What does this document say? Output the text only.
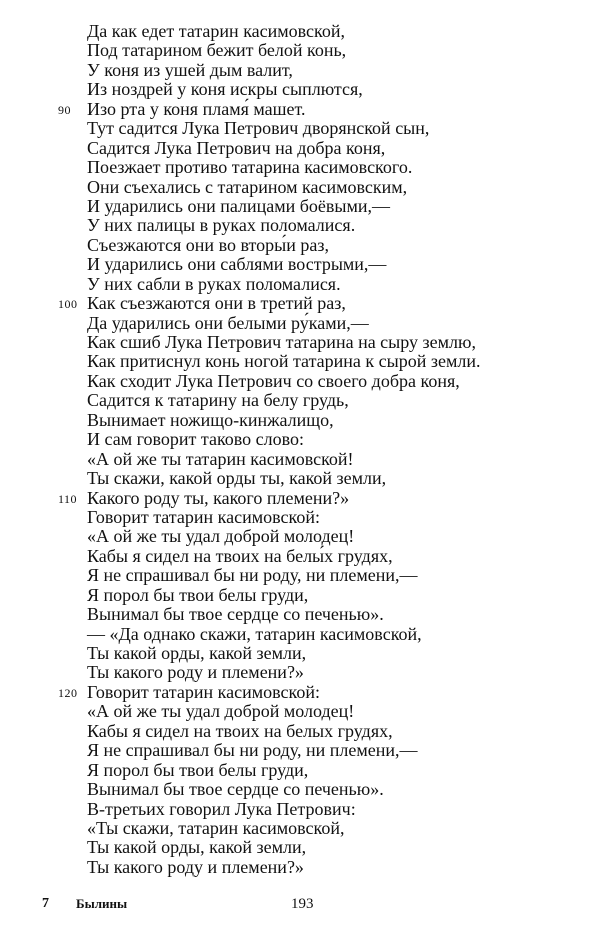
Да как едет татарин касимовской,
Под татарином бежит белой конь,
У коня из ушей дым валит,
Из ноздрей у коня искры сыплются,
90 Изо рта у коня пламя́ машет.
Тут садится Лука Петрович дворянской сын,
Садится Лука Петрович на добра коня,
Поезжает противо татарина касимовского.
Они съехались с татарином касимовским,
И ударились они палицами боёвыми,—
У них палицы в руках поломалися.
Съезжаются они во вторы́и раз,
И ударились они саблями вострыми,—
У них сабли в руках поломалися.
100 Как съезжаются они в третий раз,
Да ударились они белыми ру́ками,—
Как сшиб Лука Петрович татарина на сыру землю,
Как притиснул конь ногой татарина к сырой земли.
Как сходит Лука Петрович со своего добра коня,
Садится к татарину на белу грудь,
Вынимает ножищо-кинжалищо,
И сам говорит таково слово:
«А ой же ты татарин касимовской!
Ты скажи, какой орды ты, какой земли,
110 Какого роду ты, какого племени?»
Говорит татарин касимовской:
«А ой же ты удал доброй молодец!
Кабы я сидел на твоих на белы́х грудях,
Я не спрашивал бы ни роду, ни племени,—
Я порол бы твои белы груди,
Вынимал бы твое сердце со печенью».
— «Да однако скажи, татарин касимовской,
Ты какой орды, какой земли,
Ты какого роду и племени?»
120 Говорит татарин касимовской:
«А ой же ты удал доброй молодец!
Кабы я сидел на твоих на белых грудях,
Я не спрашивал бы ни роду, ни племени,—
Я порол бы твои белы груди,
Вынимал бы твое сердце со печенью».
В-третьих говорил Лука Петрович:
«Ты скажи, татарин касимовской,
Ты какой орды, какой земли,
Ты какого роду и племени?»
7 Былины	193
